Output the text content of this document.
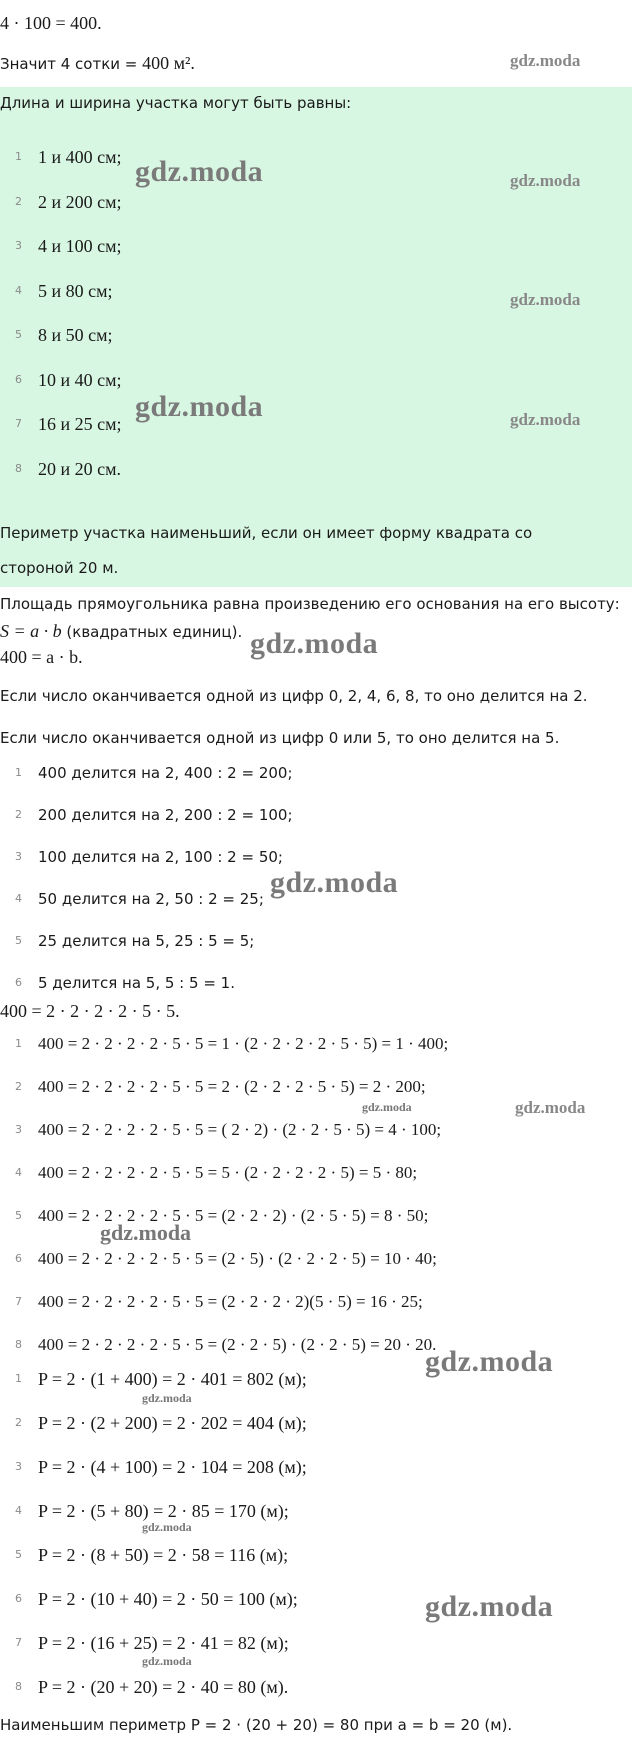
4 · 100 = 400.
Значит 4 сотки = 400 м².	gdz.moda
Длина и ширина участка могут быть равны:
1 1 и 400 см;
2 2 и 200 см;
3 4 и 100 см;
4 5 и 80 см;
5 8 и 50 см;
6 10 и 40 см;
7 16 и 25 см;
8 20 и 20 см.
gdz.moda	gdz.moda
gdz.moda
gdz.moda	gdz.moda
Периметр участка наименьший, если он имеет форму квадрата со
стороной 20 м.
Площадь прямоугольника равна произведению его основания на его высоту:
S = a · b (квадратных единиц). gdz.moda
400 = a · b.
Если число оканчивается одной из цифр 0, 2, 4, 6, 8, то оно делится на 2.
Если число оканчивается одной из цифр 0 или 5, то оно делится на 5.
1	400 делится на 2, 400 : 2 = 200;
2	200 делится на 2, 200 : 2 = 100;
3	100 делится на 2, 100 : 2 = 50;
4	50 делится на 2, 50 : 2 = 25;
5	25 делится на 5, 25 : 5 = 5;
6	5 делится на 5, 5 : 5 = 1.
gdz.moda
400 = 2 · 2 · 2 · 2 · 5 · 5.
1 400 = 2 · 2 · 2 · 2 · 5 · 5 = 1 · (2 · 2 · 2 · 2 · 5 · 5) = 1 · 400;
2 400 = 2 · 2 · 2 · 2 · 5 · 5 = 2 · (2 · 2 · 2 · 5 · 5) = 2 · 200;
3 400 = 2 · 2 · 2 · 2 · 5 · 5 = ( 2 · 2) · (2 · 2 · 5 · 5) = 4 · 100;
4 400 = 2 · 2 · 2 · 2 · 5 · 5 = 5 · (2 · 2 · 2 · 2 · 5) = 5 · 80;
5 400 = 2 · 2 · 2 · 2 · 5 · 5 = (2 · 2 · 2) · (2 · 5 · 5) = 8 · 50;
6 400 = 2 · 2 · 2 · 2 · 5 · 5 = (2 · 5) · (2 · 2 · 2 · 5) = 10 · 40;
7 400 = 2 · 2 · 2 · 2 · 5 · 5 = (2 · 2 · 2 · 2)(5 · 5) = 16 · 25;
8 400 = 2 · 2 · 2 · 2 · 5 · 5 = (2 · 2 · 5) · (2 · 2 · 5) = 20 · 20.
gdz.moda	gdz.moda
gdz.moda
1 P = 2 · (1 + 400) = 2 · 401 = 802 (м);
2 P = 2 · (2 + 200) = 2 · 202 = 404 (м);
3 P = 2 · (4 + 100) = 2 · 104 = 208 (м);
4 P = 2 · (5 + 80) = 2 · 85 = 170 (м);
5 P = 2 · (8 + 50) = 2 · 58 = 116 (м);
6 P = 2 · (10 + 40) = 2 · 50 = 100 (м);
7 P = 2 · (16 + 25) = 2 · 41 = 82 (м);
8 P = 2 · (20 + 20) = 2 · 40 = 80 (м).
gdz.moda
gdz.moda
gdz.moda
gdz.moda
gdz.moda
Наименьшим периметр P = 2 · (20 + 20) = 80 при a = b = 20 (м).
